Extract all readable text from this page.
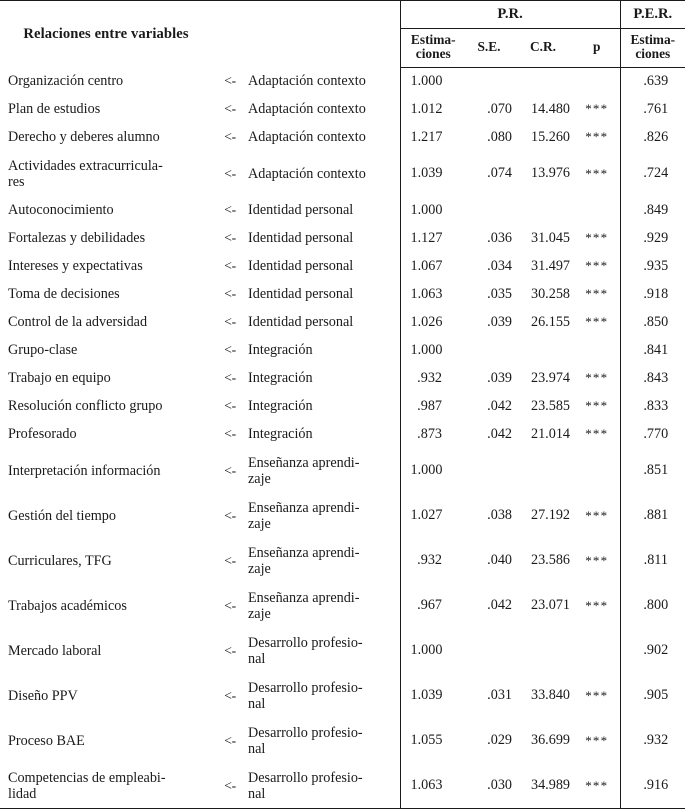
Relaciones entre variables			P.R.				P.E.R.
			Estima-
ciones	S.E.	C.R.	p	Estima-
ciones
Organización centro	<-	Adaptación contexto	1.000				.639
Plan de estudios	<-	Adaptación contexto	1.012	.070	14.480	***	.761
Derecho y deberes alumno	<-	Adaptación contexto	1.217	.080	15.260	***	.826
Actividades extracurricula-
res	<-	Adaptación contexto	1.039	.074	13.976	***	.724
Autoconocimiento	<-	Identidad personal	1.000				.849
Fortalezas y debilidades	<-	Identidad personal	1.127	.036	31.045	***	.929
Intereses y expectativas	<-	Identidad personal	1.067	.034	31.497	***	.935
Toma de decisiones	<-	Identidad personal	1.063	.035	30.258	***	.918
Control de la adversidad	<-	Identidad personal	1.026	.039	26.155	***	.850
Grupo-clase	<-	Integración	1.000				.841
Trabajo en equipo	<-	Integración	.932	.039	23.974	***	.843
Resolución conflicto grupo	<-	Integración	.987	.042	23.585	***	.833
Profesorado	<-	Integración	.873	.042	21.014	***	.770
Interpretación información	<-	Enseñanza aprendi-
zaje	1.000				.851
Gestión del tiempo	<-	Enseñanza aprendi-
zaje	1.027	.038	27.192	***	.881
Curriculares, TFG	<-	Enseñanza aprendi-
zaje	.932	.040	23.586	***	.811
Trabajos académicos	<-	Enseñanza aprendi-
zaje	.967	.042	23.071	***	.800
Mercado laboral	<-	Desarrollo profesio-
nal	1.000				.902
Diseño PPV	<-	Desarrollo profesio-
nal	1.039	.031	33.840	***	.905
Proceso BAE	<-	Desarrollo profesio-
nal	1.055	.029	36.699	***	.932
Competencias de empleabi-
lidad	<-	Desarrollo profesio-
nal	1.063	.030	34.989	***	.916
